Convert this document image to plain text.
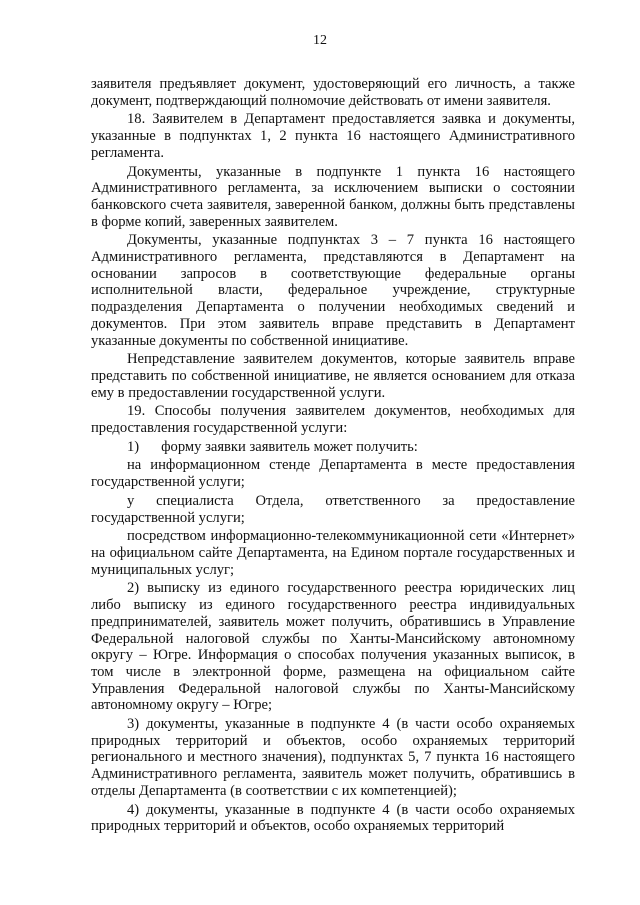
12

заявителя предъявляет документ, удостоверяющий его личность, а также документ, подтверждающий полномочие действовать от имени заявителя.

18. Заявителем в Департамент предоставляется заявка и документы, указанные в подпунктах 1, 2 пункта 16 настоящего Административного регламента.

Документы, указанные в подпункте 1 пункта 16 настоящего Административного регламента, за исключением выписки о состоянии банковского счета заявителя, заверенной банком, должны быть представлены в форме копий, заверенных заявителем.

Документы, указанные подпунктах 3 – 7 пункта 16 настоящего Административного регламента, представляются в Департамент на основании запросов в соответствующие федеральные органы исполнительной власти, федеральное учреждение, структурные подразделения Департамента о получении необходимых сведений и документов. При этом заявитель вправе представить в Департамент указанные документы по собственной инициативе.

Непредставление заявителем документов, которые заявитель вправе представить по собственной инициативе, не является основанием для отказа ему в предоставлении государственной услуги.

19. Способы получения заявителем документов, необходимых для предоставления государственной услуги:

1) форму заявки заявитель может получить:

на информационном стенде Департамента в месте предоставления государственной услуги;

у специалиста Отдела, ответственного за предоставление государственной услуги;

посредством информационно-телекоммуникационной сети «Интернет» на официальном сайте Департамента, на Едином портале государственных и муниципальных услуг;

2) выписку из единого государственного реестра юридических лиц либо выписку из единого государственного реестра индивидуальных предпринимателей, заявитель может получить, обратившись в Управление Федеральной налоговой службы по Ханты-Мансийскому автономному округу – Югре. Информация о способах получения указанных выписок, в том числе в электронной форме, размещена на официальном сайте Управления Федеральной налоговой службы по Ханты-Мансийскому автономному округу – Югре;

3) документы, указанные в подпункте 4 (в части особо охраняемых природных территорий и объектов, особо охраняемых территорий регионального и местного значения), подпунктах 5, 7 пункта 16 настоящего Административного регламента, заявитель может получить, обратившись в отделы Департамента (в соответствии с их компетенцией);

4) документы, указанные в подпункте 4 (в части особо охраняемых природных территорий и объектов, особо охраняемых территорий
